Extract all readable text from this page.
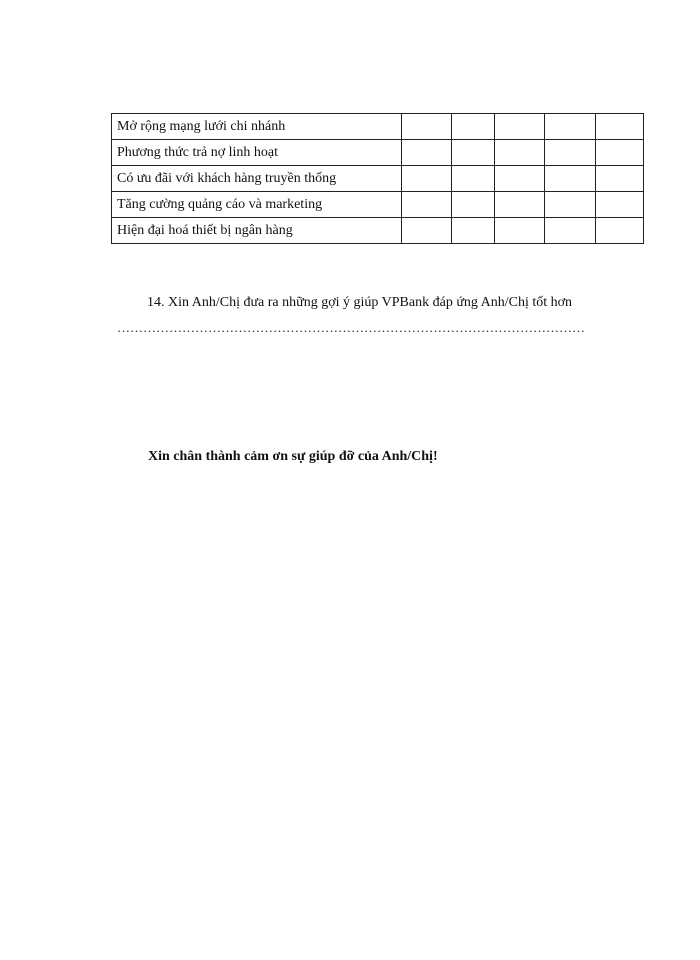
Mở rộng mạng lưới chi nhánh					
Phương thức trả nợ linh hoạt					
Có ưu đãi với khách hàng truyền thống					
Tăng cường quảng cáo và marketing					
Hiện đại hoá thiết bị ngân hàng					
14. Xin Anh/Chị đưa ra những gợi ý giúp VPBank đáp ứng Anh/Chị tốt hơn
………………………………………………………………………………………………
Xin chân thành cảm ơn sự giúp đỡ của Anh/Chị!
